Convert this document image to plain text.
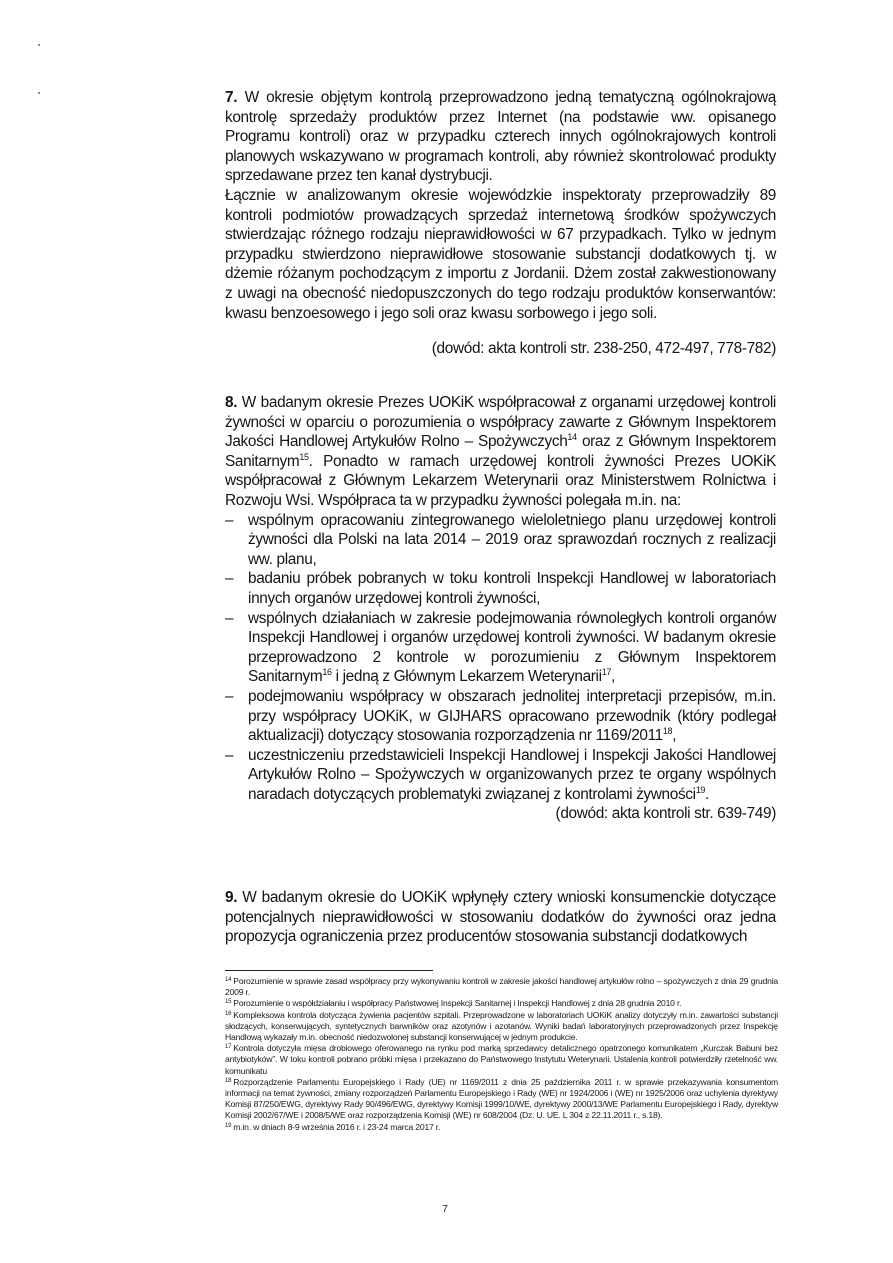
7. W okresie objętym kontrolą przeprowadzono jedną tematyczną ogólnokrajową kontrolę sprzedaży produktów przez Internet (na podstawie ww. opisanego Programu kontroli) oraz w przypadku czterech innych ogólnokrajowych kontroli planowych wskazywano w programach kontroli, aby również skontrolować produkty sprzedawane przez ten kanał dystrybucji.

Łącznie w analizowanym okresie wojewódzkie inspektoraty przeprowadziły 89 kontroli podmiotów prowadzących sprzedaż internetową środków spożywczych stwierdzając różnego rodzaju nieprawidłowości w 67 przypadkach. Tylko w jednym przypadku stwierdzono nieprawidłowe stosowanie substancji dodatkowych tj. w dżemie różanym pochodzącym z importu z Jordanii. Dżem został zakwestionowany z uwagi na obecność niedopuszczonych do tego rodzaju produktów konserwantów: kwasu benzoesowego i jego soli oraz kwasu sorbowego i jego soli.

(dowód: akta kontroli str. 238-250, 472-497, 778-782)

8. W badanym okresie Prezes UOKiK współpracował z organami urzędowej kontroli żywności w oparciu o porozumienia o współpracy zawarte z Głównym Inspektorem Jakości Handlowej Artykułów Rolno – Spożywczych$^{14}$ oraz z Głównym Inspektorem Sanitarnym$^{15}$. Ponadto w ramach urzędowej kontroli żywności Prezes UOKiK współpracował z Głównym Lekarzem Weterynarii oraz Ministerstwem Rolnictwa i Rozwoju Wsi. Współpraca ta w przypadku żywności polegała m.in. na:

– wspólnym opracowaniu zintegrowanego wieloletniego planu urzędowej kontroli żywności dla Polski na lata 2014 – 2019 oraz sprawozdań rocznych z realizacji ww. planu,
– badaniu próbek pobranych w toku kontroli Inspekcji Handlowej w laboratoriach innych organów urzędowej kontroli żywności,
– wspólnych działaniach w zakresie podejmowania równoległych kontroli organów Inspekcji Handlowej i organów urzędowej kontroli żywności. W badanym okresie przeprowadzono 2 kontrole w porozumieniu z Głównym Inspektorem Sanitarnym$^{16}$ i jedną z Głównym Lekarzem Weterynarii$^{17}$,
– podejmowaniu współpracy w obszarach jednolitej interpretacji przepisów, m.in. przy współpracy UOKiK, w GIJHARS opracowano przewodnik (który podlegał aktualizacji) dotyczący stosowania rozporządzenia nr 1169/2011$^{18}$,
– uczestniczeniu przedstawicieli Inspekcji Handlowej i Inspekcji Jakości Handlowej Artykułów Rolno – Spożywczych w organizowanych przez te organy wspólnych naradach dotyczących problematyki związanej z kontrolami żywności$^{19}$.

(dowód: akta kontroli str. 639-749)

9. W badanym okresie do UOKiK wpłynęły cztery wnioski konsumenckie dotyczące potencjalnych nieprawidłowości w stosowaniu dodatków do żywności oraz jedna propozycja ograniczenia przez producentów stosowania substancji dodatkowych

$^{14}$ Porozumienie w sprawie zasad współpracy przy wykonywaniu kontroli w zakresie jakości handlowej artykułów rolno – spożywczych z dnia 29 grudnia 2009 r.

$^{15}$ Porozumienie o współdziałaniu i współpracy Państwowej Inspekcji Sanitarnej i Inspekcji Handlowej z dnia 28 grudnia 2010 r.

$^{16}$ Kompleksowa kontrola dotycząca żywienia pacjentów szpitali. Przeprowadzone w laboratoriach UOKiK analizy dotyczyły m.in. zawartości substancji słodzących, konserwujących, syntetycznych barwników oraz azotynów i azotanów. Wyniki badań laboratoryjnych przeprowadzonych przez Inspekcję Handlową wykazały m.in. obecność niedozwolonej substancji konserwującej w jednym produkcie.

$^{17}$ Kontrola dotyczyła mięsa drobiowego oferowanego na rynku pod marką sprzedawcy detalicznego opatrzonego komunikatem „Kurczak Babuni bez antybiotyków”. W toku kontroli pobrano próbki mięsa i przekazano do Państwowego Instytutu Weterynarii. Ustalenia kontroli potwierdziły rzetelność ww. komunikatu

$^{18}$ Rozporządzenie Parlamentu Europejskiego i Rady (UE) nr 1169/2011 z dnia 25 października 2011 r. w sprawie przekazywania konsumentom informacji na temat żywności, zmiany rozporządzeń Parlamentu Europejskiego i Rady (WE) nr 1924/2006 i (WE) nr 1925/2006 oraz uchylenia dyrektywy Komisji 87/250/EWG, dyrektywy Rady 90/496/EWG, dyrektywy Komisji 1999/10/WE, dyrektywy 2000/13/WE Parlamentu Europejskiego i Rady, dyrektyw Komisji 2002/67/WE i 2008/5/WE oraz rozporządzenia Komisji (WE) nr 608/2004 (Dz. U. UE. L 304 z 22.11.2011 r., s.18).

$^{19}$ m.in. w dniach 8-9 września 2016 r. i 23-24 marca 2017 r.

7
